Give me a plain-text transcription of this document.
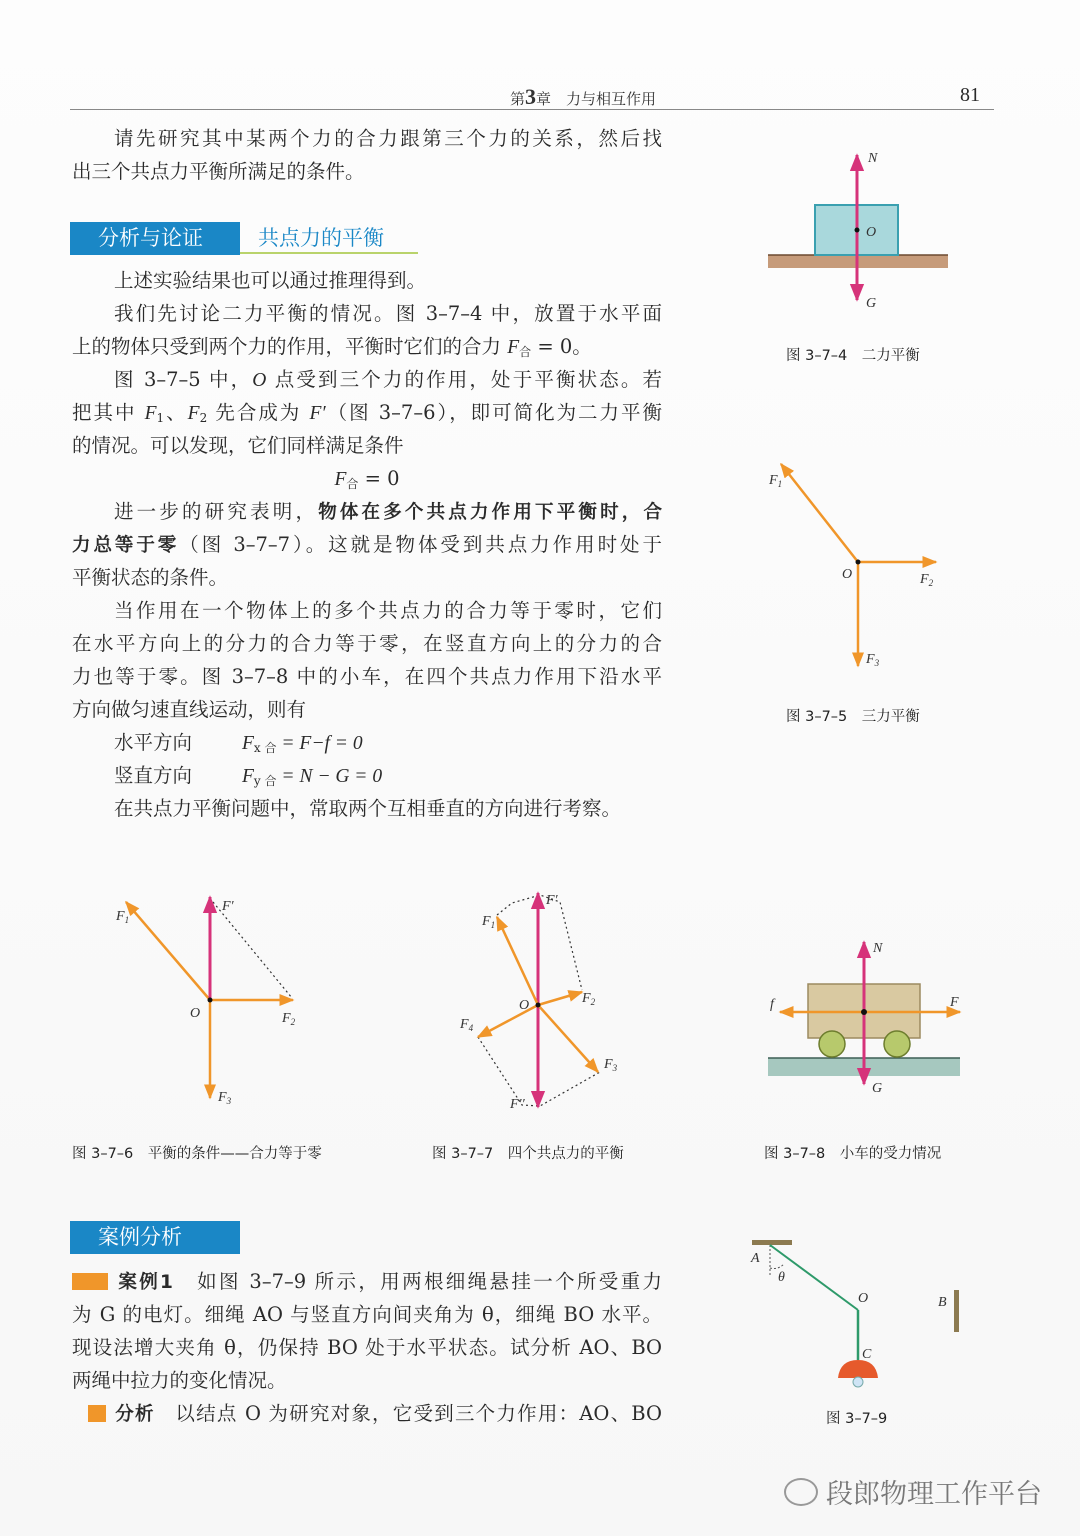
第3章　 力与相互作用	81
请先研究其中某两个力的合力跟第三个力的关系，然后找
出三个共点力平衡所满足的条件。
分析与论证	共点力的平衡
上述实验结果也可以通过推理得到。
我们先讨论二力平衡的情况。图 3–7–4 中，放置于水平面
上的物体只受到两个力的作用，平衡时它们的合力 $F_合 = 0$。
图 3–7–5 中，O 点受到三个力的作用，处于平衡状态。若
把其中 $F_1$、$F_2$ 先合成为 F′（图 3–7–6），即可简化为二力平衡
的情况。可以发现，它们同样满足条件
$F_合 = 0$
进一步的研究表明，物体在多个共点力作用下平衡时，合
力总等于零（图 3–7–7）。这就是物体受到共点力作用时处于
平衡状态的条件。
当作用在一个物体上的多个共点力的合力等于零时，它们
在水平方向上的分力的合力等于零，在竖直方向上的分力的合
力也等于零。图 3–7–8 中的小车，在四个共点力作用下沿水平
方向做匀速直线运动，则有
水平方向	$F_{x 合} = F-f = 0$
竖直方向	$F_{y 合} = N - G = 0$
在共点力平衡问题中，常取两个互相垂直的方向进行考察。
N
O
G
$F_1$
O	$F_2$
$F_3$
$F_1$
F′
O	$F_2$
$F_3$
$F_1$
F′
O	$F_2$
$F_3$
$F_4$
F′′
N
f	F
G
A
θ
O	B
C
图 3–7–4　二力平衡
图 3–7–5　三力平衡
图 3–7–6　平衡的条件——合力等于零	图 3–7–7　四个共点力的平衡	图 3–7–8　小车的受力情况
图 3–7–9
案例分析
案例1　 如图 3–7–9 所示，用两根细绳悬挂一个所受重力
为 G 的电灯。细绳 AO 与竖直方向间夹角为 θ，细绳 BO 水平。
现设法增大夹角 θ，仍保持 BO 处于水平状态。试分析 AO、BO
两绳中拉力的变化情况。
分析　 以结点 O 为研究对象，它受到三个力作用：AO、BO
段郎物理工作平台
